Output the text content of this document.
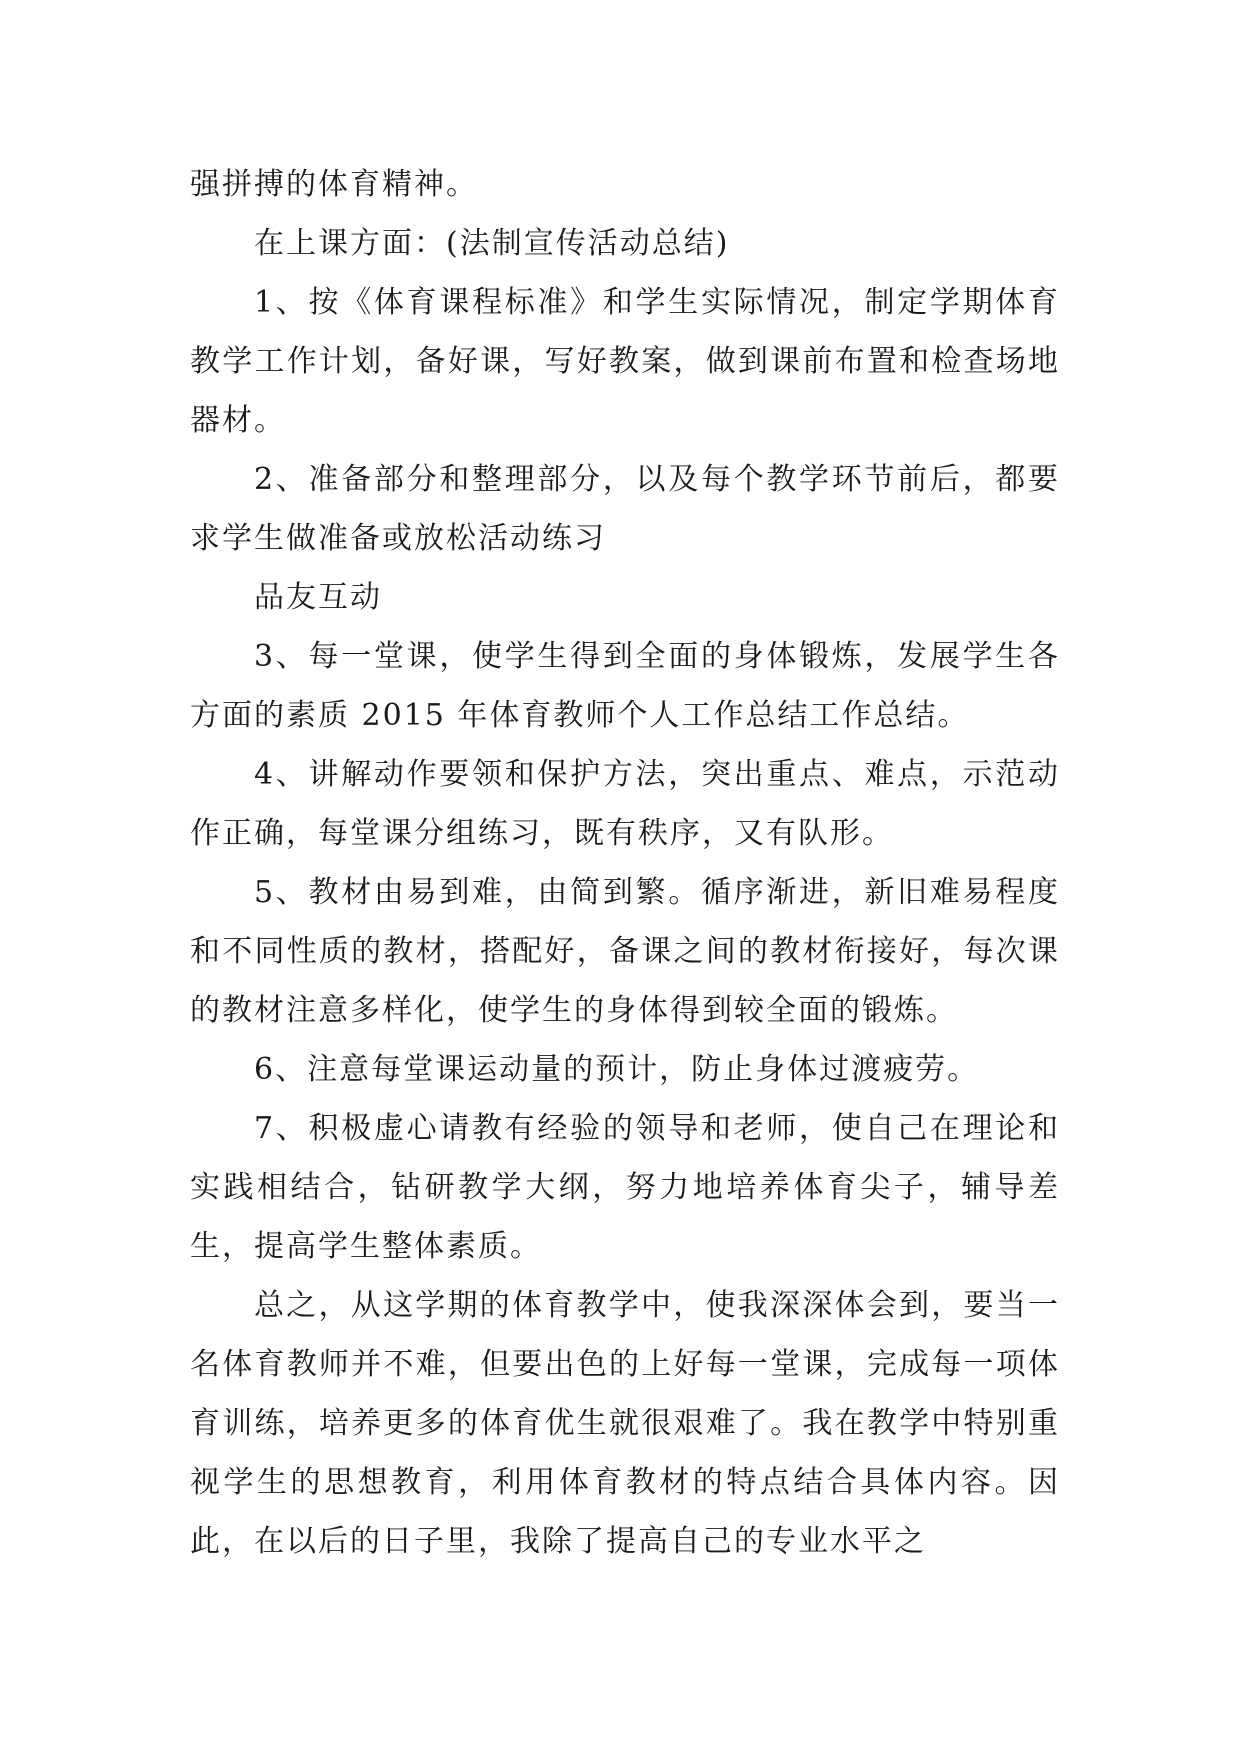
强拼搏的体育精神。

在上课方面：(法制宣传活动总结)

1、按《体育课程标准》和学生实际情况，制定学期体育教学工作计划，备好课，写好教案，做到课前布置和检查场地器材。

2、准备部分和整理部分，以及每个教学环节前后，都要求学生做准备或放松活动练习

品友互动

3、每一堂课，使学生得到全面的身体锻炼，发展学生各方面的素质 2015 年体育教师个人工作总结工作总结。

4、讲解动作要领和保护方法，突出重点、难点，示范动作正确，每堂课分组练习，既有秩序，又有队形。

5、教材由易到难，由简到繁。循序渐进，新旧难易程度和不同性质的教材，搭配好，备课之间的教材衔接好，每次课的教材注意多样化，使学生的身体得到较全面的锻炼。

6、注意每堂课运动量的预计，防止身体过渡疲劳。

7、积极虚心请教有经验的领导和老师，使自己在理论和实践相结合，钻研教学大纲，努力地培养体育尖子，辅导差生，提高学生整体素质。

总之，从这学期的体育教学中，使我深深体会到，要当一名体育教师并不难，但要出色的上好每一堂课，完成每一项体育训练，培养更多的体育优生就很艰难了。我在教学中特别重视学生的思想教育，利用体育教材的特点结合具体内容。因此，在以后的日子里，我除了提高自己的专业水平之
